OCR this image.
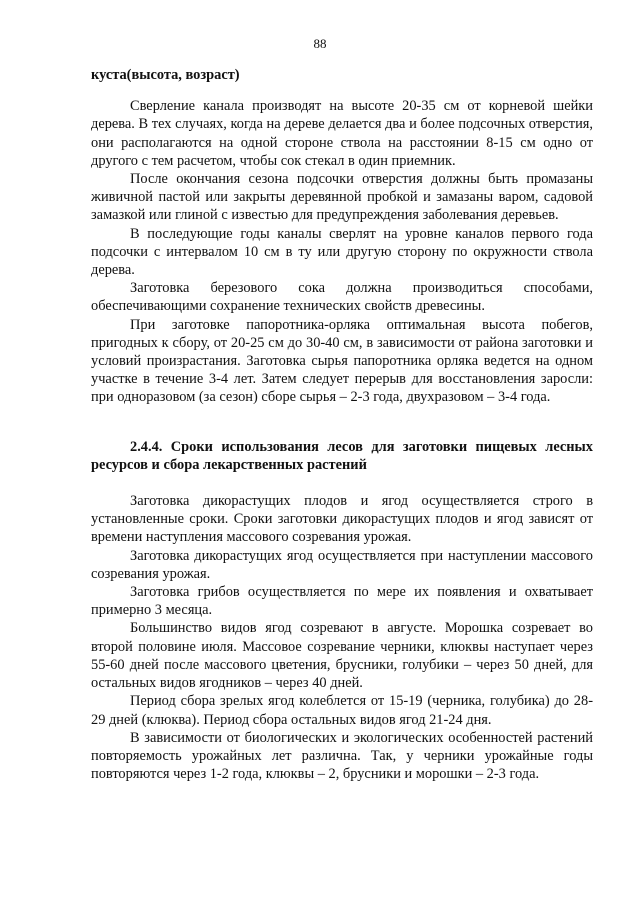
88
куста(высота, возраст)

Сверление канала производят на высоте 20-35 см от корневой шейки дерева. В тех случаях, когда на дереве делается два и более подсочных отверстия, они располагаются на одной стороне ствола на расстоянии 8-15 см одно от другого с тем расчетом, чтобы сок стекал в один приемник.

После окончания сезона подсочки отверстия должны быть промазаны живичной пастой или закрыты деревянной пробкой и замазаны варом, садовой замазкой или глиной с известью для предупреждения заболевания деревьев.

В последующие годы каналы сверлят на уровне каналов первого года подсочки с интервалом 10 см в ту или другую сторону по окружности ствола дерева.

Заготовка березового сока должна производиться способами, обеспечивающими сохранение технических свойств древесины.

При заготовке папоротника-орляка оптимальная высота побегов, пригодных к сбору, от 20-25 см до 30-40 см, в зависимости от района заготовки и условий произрастания. Заготовка сырья папоротника орляка ведется на одном участке в течение 3-4 лет. Затем следует перерыв для восстановления заросли: при одноразовом (за сезон) сборе сырья – 2-3 года, двухразовом – 3-4 года.

2.4.4. Сроки использования лесов для заготовки пищевых лесных ресурсов и сбора лекарственных растений

Заготовка дикорастущих плодов и ягод осуществляется строго в установленные сроки. Сроки заготовки дикорастущих плодов и ягод зависят от времени наступления массового созревания урожая.

Заготовка дикорастущих ягод осуществляется при наступлении массового созревания урожая.

Заготовка грибов осуществляется по мере их появления и охватывает примерно 3 месяца.

Большинство видов ягод созревают в августе. Морошка созревает во второй половине июля. Массовое созревание черники, клюквы наступает через 55-60 дней после массового цветения, брусники, голубики – через 50 дней, для остальных видов ягодников – через 40 дней.

Период сбора зрелых ягод колеблется от 15-19 (черника, голубика) до 28-29 дней (клюква). Период сбора остальных видов ягод 21-24 дня.

В зависимости от биологических и экологических особенностей растений повторяемость урожайных лет различна. Так, у черники урожайные годы повторяются через 1-2 года, клюквы – 2, брусники и морошки – 2-3 года.
